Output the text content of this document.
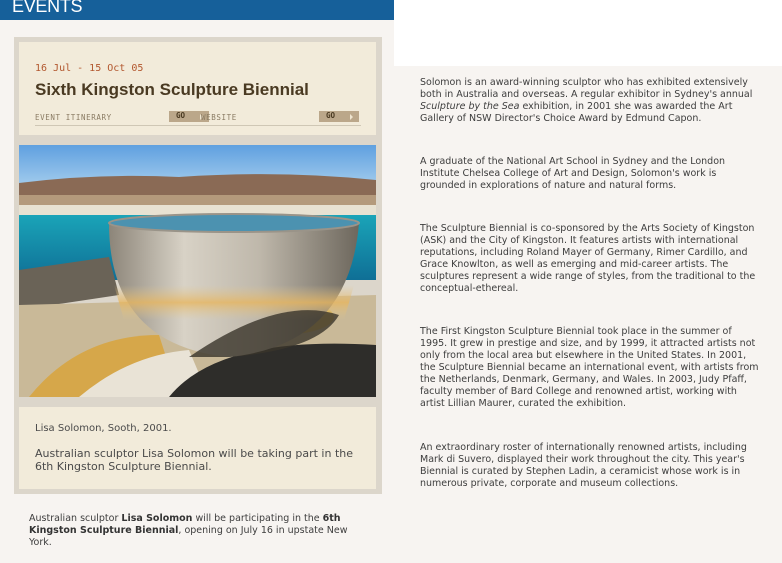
EVENTS
16 Jul - 15 Oct 05
Sixth Kingston Sculpture Biennial
EVENT ITINERARY	GO WEBSITE	GO
Lisa Solomon, Sooth, 2001.
Australian sculptor Lisa Solomon will be taking part in the 6th Kingston Sculpture Biennial.
Australian sculptor Lisa Solomon will be participating in the 6th Kingston Sculpture Biennial, opening on July 16 in upstate New York.

Solomon is an award-winning sculptor who has exhibited extensively both in Australia and overseas. A regular exhibitor in Sydney's annual Sculpture by the Sea exhibition, in 2001 she was awarded the Art Gallery of NSW Director's Choice Award by Edmund Capon.

A graduate of the National Art School in Sydney and the London Institute Chelsea College of Art and Design, Solomon's work is grounded in explorations of nature and natural forms.

The Sculpture Biennial is co-sponsored by the Arts Society of Kingston (ASK) and the City of Kingston. It features artists with international reputations, including Roland Mayer of Germany, Rimer Cardillo, and Grace Knowlton, as well as emerging and mid-career artists. The sculptures represent a wide range of styles, from the traditional to the conceptual-ethereal.

The First Kingston Sculpture Biennial took place in the summer of 1995. It grew in prestige and size, and by 1999, it attracted artists not only from the local area but elsewhere in the United States. In 2001, the Sculpture Biennial became an international event, with artists from the Netherlands, Denmark, Germany, and Wales. In 2003, Judy Pfaff, faculty member of Bard College and renowned artist, working with artist Lillian Maurer, curated the exhibition.

An extraordinary roster of internationally renowned artists, including Mark di Suvero, displayed their work throughout the city. This year's Biennial is curated by Stephen Ladin, a ceramicist whose work is in numerous private, corporate and museum collections.
